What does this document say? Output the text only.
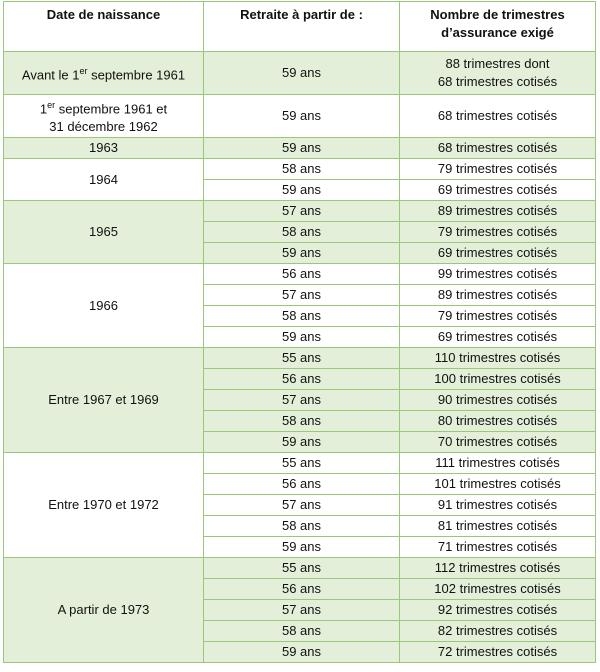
Date de naissance	Retraite à partir de :	Nombre de trimestres
d’assurance exigé

Avant le 1er septembre 1961	59 ans	88 trimestres dont
68 trimestres cotisés

1er septembre 1961 et
31 décembre 1962	59 ans	68 trimestres cotisés

1963	59 ans	68 trimestres cotisés

1964	58 ans	79 trimestres cotisés

	59 ans	69 trimestres cotisés

1965	57 ans	89 trimestres cotisés

	58 ans	79 trimestres cotisés

	59 ans	69 trimestres cotisés

1966	56 ans	99 trimestres cotisés

	57 ans	89 trimestres cotisés

	58 ans	79 trimestres cotisés

	59 ans	69 trimestres cotisés

Entre 1967 et 1969	55 ans	110 trimestres cotisés

	56 ans	100 trimestres cotisés

	57 ans	90 trimestres cotisés

	58 ans	80 trimestres cotisés

	59 ans	70 trimestres cotisés

Entre 1970 et 1972	55 ans	111 trimestres cotisés

	56 ans	101 trimestres cotisés

	57 ans	91 trimestres cotisés

	58 ans	81 trimestres cotisés

	59 ans	71 trimestres cotisés

A partir de 1973	55 ans	112 trimestres cotisés

	56 ans	102 trimestres cotisés

	57 ans	92 trimestres cotisés

	58 ans	82 trimestres cotisés

	59 ans	72 trimestres cotisés
